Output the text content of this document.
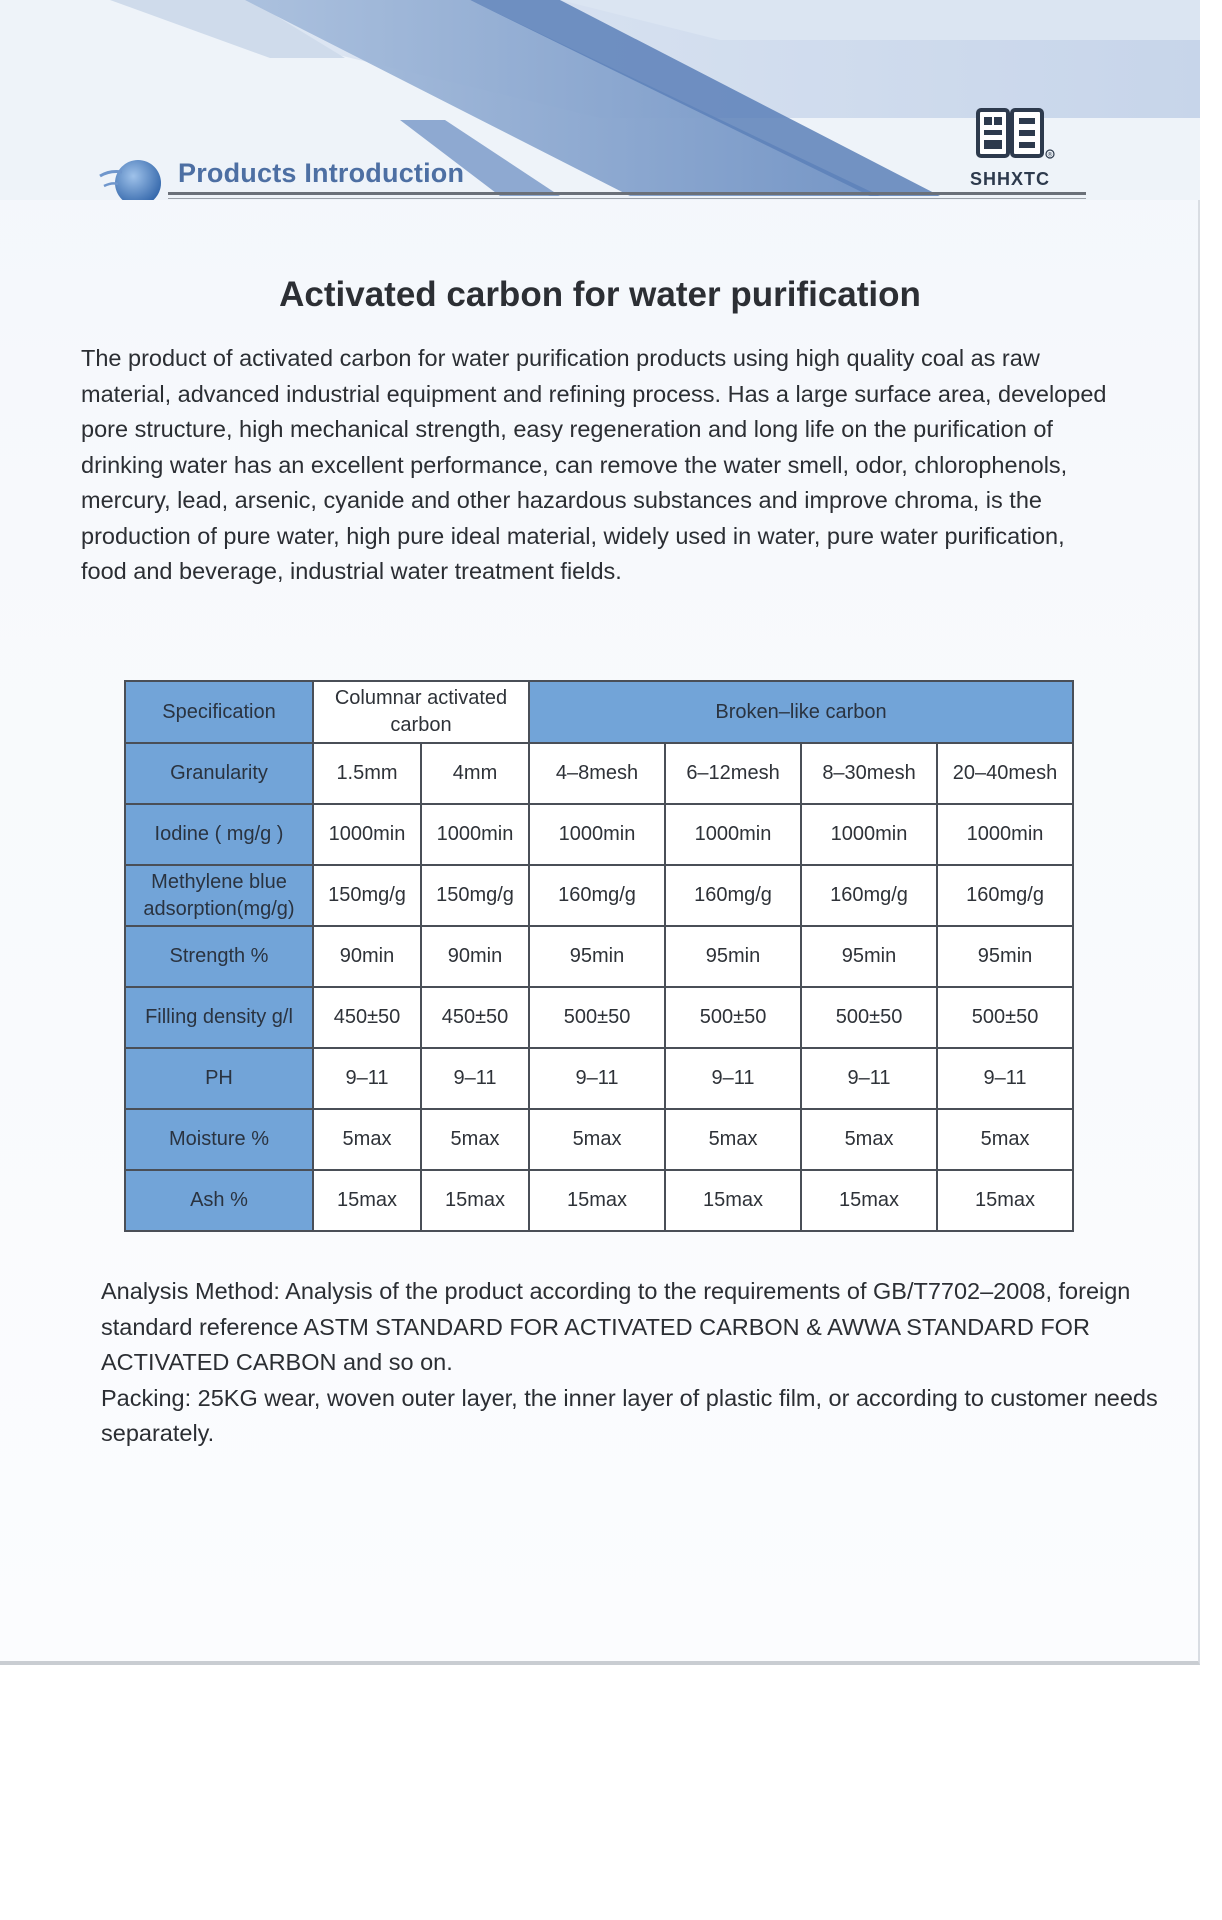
Products Introduction
®
SHHXTC
Activated carbon for water purification

The product of activated carbon for water purification products using high quality coal as raw material, advanced industrial equipment and refining process. Has a large surface area, developed pore structure, high mechanical strength, easy regeneration and long life on the purification of drinking water has an excellent performance, can remove the water smell, odor, chlorophenols, mercury, lead, arsenic, cyanide and other hazardous substances and improve chroma, is the production of pure water, high pure ideal material, widely used in water, pure water purification, food and beverage, industrial water treatment fields.

Specification	Columnar activated carbon		Broken–like carbon			
Granularity	1.5mm	4mm	4–8mesh	6–12mesh	8–30mesh	20–40mesh
Iodine ( mg/g )	1000min	1000min	1000min	1000min	1000min	1000min
Methylene blue adsorption(mg/g)	150mg/g	150mg/g	160mg/g	160mg/g	160mg/g	160mg/g
Strength %	90min	90min	95min	95min	95min	95min
Filling density g/l	450±50	450±50	500±50	500±50	500±50	500±50
PH	9–11	9–11	9–11	9–11	9–11	9–11
Moisture %	5max	5max	5max	5max	5max	5max
Ash %	15max	15max	15max	15max	15max	15max

Analysis Method: Analysis of the product according to the requirements of GB/T7702–2008, foreign standard reference ASTM STANDARD FOR ACTIVATED CARBON & AWWA STANDARD FOR ACTIVATED CARBON and so on.

Packing: 25KG wear, woven outer layer, the inner layer of plastic film, or according to customer needs separately.
